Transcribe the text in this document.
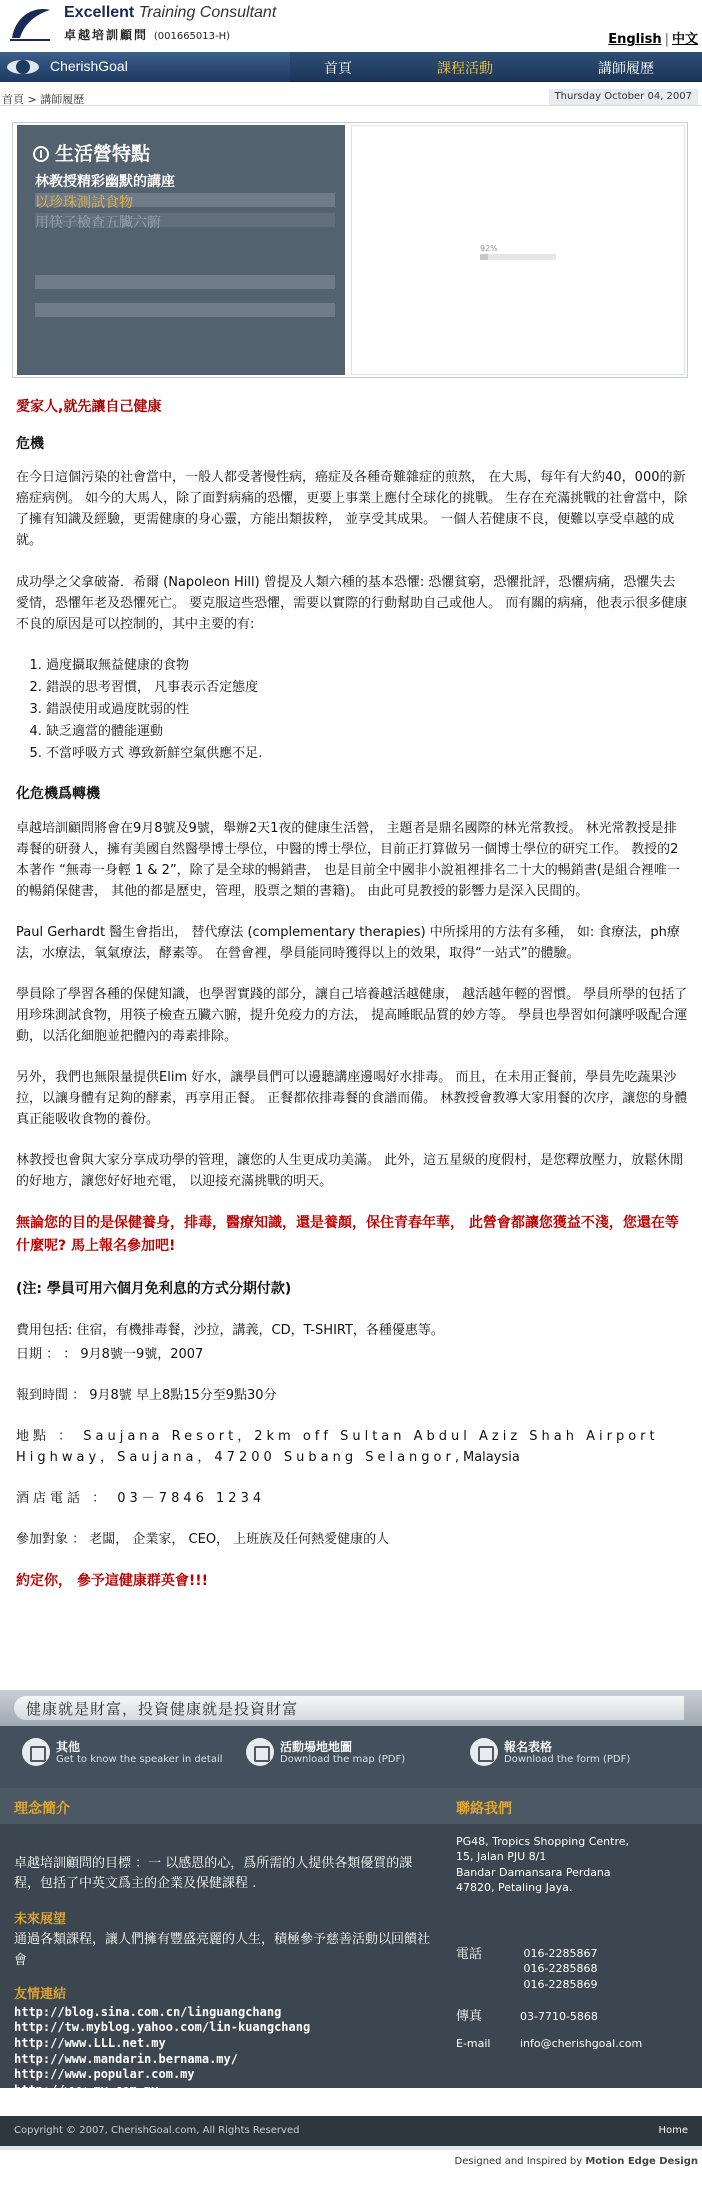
Excellent Training Consultant
卓越培訓顧問 (001665013-H)	English | 中文
CherishGoal	首頁	課程活動	講師履歷
首頁 > 講師履歷	Thursday October 04, 2007
生活營特點
林教授精彩幽默的講座
以珍珠測試食物
用筷子檢查五臟六腑
92%
愛家人,就先讓自己健康
危機

在今日這個污染的社會當中，一般人都受著慢性病，癌症及各種奇難雜症的煎熬， 在大馬，每年有大約40，000的新癌症病例。 如今的大馬人，除了面對病痛的恐懼，更要上事業上應付全球化的挑戰。 生存在充滿挑戰的社會當中，除了擁有知識及經驗，更需健康的身心靈，方能出類拔粹， 並享受其成果。 一個人若健康不良，便難以享受卓越的成就。

成功學之父拿破崙．希爾 (Napoleon Hill) 曾提及人類六種的基本恐懼: 恐懼貧窮，恐懼批評，恐懼病痛，恐懼失去愛情，恐懼年老及恐懼死亡。 要克服這些恐懼，需要以實際的行動幫助自己或他人。 而有關的病痛，他表示很多健康不良的原因是可以控制的，其中主要的有:

1. 過度攝取無益健康的食物
2. 錯誤的思考習慣， 凡事表示否定態度
3. 錯誤使用或過度眈弱的性
4. 缺乏適當的體能運動
5. 不當呼吸方式 導致新鮮空氣供應不足.
化危機爲轉機

卓越培訓顧問將會在9月8號及9號，舉辦2天1夜的健康生活營， 主題者是鼎名國際的林光常教授。 林光常教授是排毒餐的研發人，擁有美國自然醫學博士學位，中醫的博士學位，目前正打算做另一個博士學位的研究工作。 教授的2本著作 “無毒一身輕 1 & 2”，除了是全球的暢銷書， 也是目前全中國非小說袓裡排名二十大的暢銷書(是組合裡唯一的暢銷保健書， 其他的都是歷史，管理，股票之類的書籍)。 由此可見教授的影響力是深入民間的。

Paul Gerhardt 醫生會指出， 替代療法 (complementary therapies) 中所採用的方法有多種， 如: 食療法，ph療法，水療法，氧氣療法，酵素等。 在營會裡，學員能同時獲得以上的效果，取得“一站式”的體驗。

學員除了學習各種的保健知識，也學習實踐的部分，讓自己培養越活越健康， 越活越年輕的習慣。 學員所學的包括了用珍珠測試食物，用筷子檢查五臟六腑，提升免疫力的方法， 提高睡眠品質的妙方等。 學員也學習如何讓呼吸配合運動，以活化細胞並把體內的毒素排除。

另外，我們也無限量提供Elim 好水，讓學員們可以邊聽講座邊喝好水排毒。 而且，在未用正餐前，學員先吃蔬果沙拉，以讓身體有足夠的酵素，再享用正餐。 正餐都依排毒餐的食譜而備。 林教授會教導大家用餐的次序，讓您的身體真正能吸收食物的養份。

林教授也會與大家分享成功學的管理，讓您的人生更成功美滿。 此外，這五星級的度假村，是您釋放壓力，放鬆休閒的好地方，讓您好好地充電， 以迎接充滿挑戰的明天。

無論您的目的是保健養身，排毒，醫療知識，還是養顏，保住青春年華， 此營會都讓您獲益不淺，您還在等什麼呢? 馬上報名參加吧!

(注: 學員可用六個月免利息的方式分期付款)

費用包括: 住宿，有機排毒餐，沙拉，講義，CD，T-SHIRT，各種優惠等。

日期 ： ： 9月8號一9號，2007

報到時間 ： 9月8號 早上8點15分至9點30分

地點 ： Saujana Resort，2km off Sultan Abdul Aziz Shah Airport Highway，Saujana，47200 Subang Selangor,Malaysia

酒店電話 ： 03－7846 1234

參加對象 ： 老闆， 企業家， CEO， 上班族及任何熱愛健康的人

約定你， 參予這健康群英會!!!

健康就是財富，投資健康就是投資財富
其他
Get to know the speaker in detail
活動場地地圖
Download the map (PDF)
報名表格
Download the form (PDF)
理念簡介	聯絡我們
卓越培訓顧問的目標 ：一 以感恩的心，爲所需的人提供各類優質的課程，包括了中英文爲主的企業及保健課程 .
未來展望
通過各類課程，讓人們擁有豐盛亮麗的人生，積極參予慈善活動以回饋社會
友情連結
http://blog.sina.com.cn/linguangchang
http://tw.myblog.yahoo.com/lin-kuangchang
http://www.LLL.net.my
http://www.mandarin.bernama.my/
http://www.popular.com.my
http://www.my.com.my
PG48, Tropics Shopping Centre,
15, Jalan PJU 8/1
Bandar Damansara Perdana
47820, Petaling Jaya.
電話	016-2285867
016-2285868
016-2285869
傳真	03-7710-5868
E-mail	info@cherishgoal.com
Copyright © 2007, CherishGoal.com, All Rights Reserved	Home
Designed and Inspired by Motion Edge Design
